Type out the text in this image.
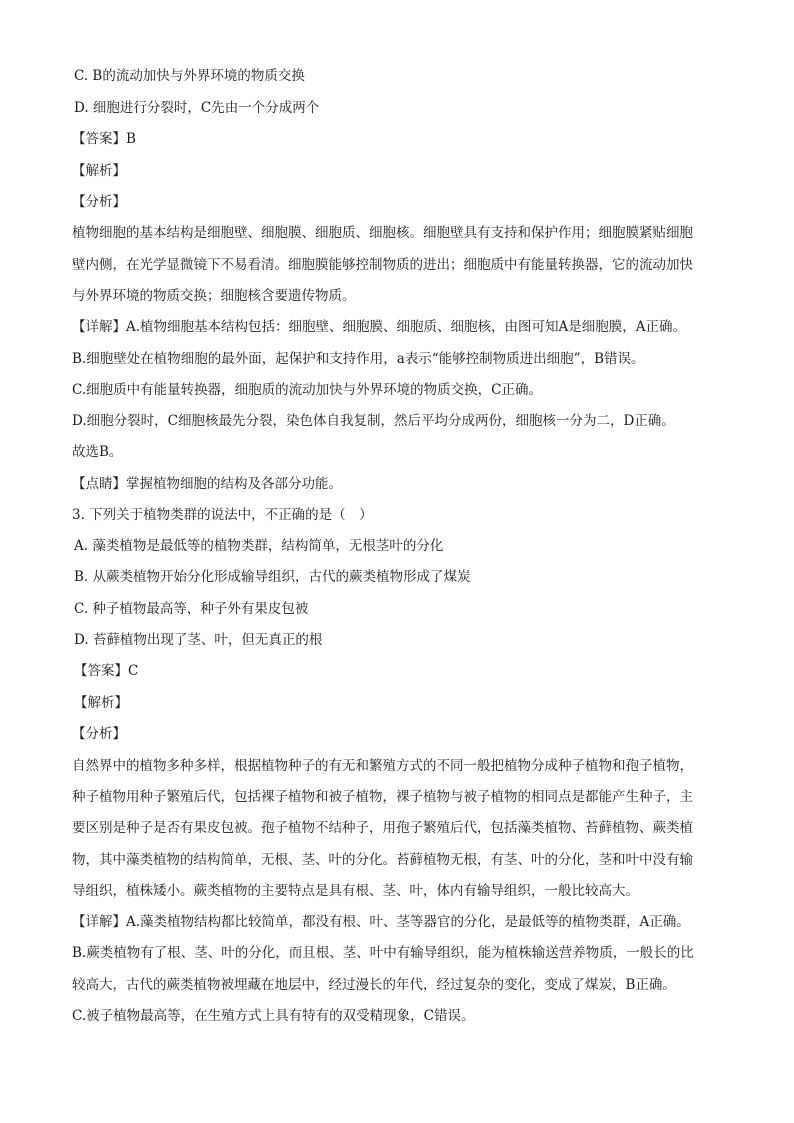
C. B的流动加快与外界环境的物质交换
D. 细胞进行分裂时，C先由一个分成两个
【答案】B
【解析】
【分析】
植物细胞的基本结构是细胞壁、细胞膜、细胞质、细胞核。细胞壁具有支持和保护作用；细胞膜紧贴细胞
壁内侧，在光学显微镜下不易看清。细胞膜能够控制物质的进出；细胞质中有能量转换器，它的流动加快
与外界环境的物质交换；细胞核含要遗传物质。
【详解】A.植物细胞基本结构包括：细胞壁、细胞膜、细胞质、细胞核，由图可知A是细胞膜，A正确。
B.细胞壁处在植物细胞的最外面，起保护和支持作用，a表示“能够控制物质进出细胞”，B错误。
C.细胞质中有能量转换器，细胞质的流动加快与外界环境的物质交换，C正确。
D.细胞分裂时，C细胞核最先分裂，染色体自我复制，然后平均分成两份，细胞核一分为二，D正确。
故选B。
【点睛】掌握植物细胞的结构及各部分功能。
3. 下列关于植物类群的说法中，不正确的是（　）
A. 藻类植物是最低等的植物类群，结构简单，无根茎叶的分化
B. 从蕨类植物开始分化形成输导组织，古代的蕨类植物形成了煤炭
C. 种子植物最高等，种子外有果皮包被
D. 苔藓植物出现了茎、叶，但无真正的根
【答案】C
【解析】
【分析】
自然界中的植物多种多样，根据植物种子的有无和繁殖方式的不同一般把植物分成种子植物和孢子植物，
种子植物用种子繁殖后代，包括裸子植物和被子植物，裸子植物与被子植物的相同点是都能产生种子，主
要区别是种子是否有果皮包被。孢子植物不结种子，用孢子繁殖后代，包括藻类植物、苔藓植物、蕨类植
物，其中藻类植物的结构简单，无根、茎、叶的分化。苔藓植物无根，有茎、叶的分化，茎和叶中没有输
导组织，植株矮小。蕨类植物的主要特点是具有根、茎、叶，体内有输导组织，一般比较高大。
【详解】A.藻类植物结构都比较简单，都没有根、叶、茎等器官的分化，是最低等的植物类群，A正确。
B.蕨类植物有了根、茎、叶的分化，而且根、茎、叶中有输导组织，能为植株输送营养物质，一般长的比
较高大，古代的蕨类植物被埋藏在地层中，经过漫长的年代，经过复杂的变化，变成了煤炭，B正确。
C.被子植物最高等，在生殖方式上具有特有的双受精现象，C错误。
